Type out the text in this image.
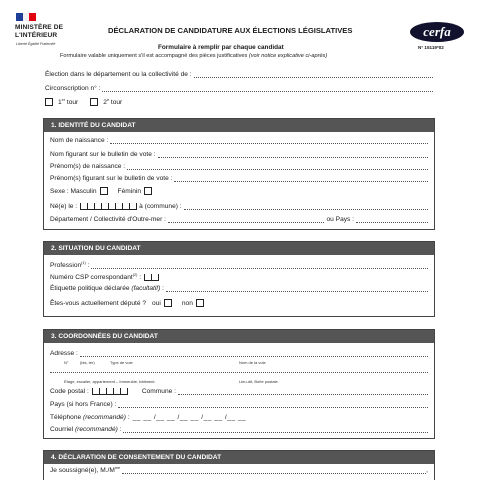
MINISTÈRE DE L'INTÉRIEUR
Liberté Égalité Fraternité
DÉCLARATION DE CANDIDATURE AUX ÉLECTIONS LÉGISLATIVES
Formulaire à remplir par chaque candidat
Formulaire valable uniquement s'il est accompagné des pièces justificatives (voir notice explicative ci-après)
cerfa
N° 15119*02
Élection dans le département ou la collectivité de :
Circonscription n° :
1er tour	2e tour
1. IDENTITÉ DU CANDIDAT
Nom de naissance :
Nom figurant sur le bulletin de vote :
Prénom(s) de naissance :
Prénom(s) figurant sur le bulletin de vote :
Sexe : Masculin	Féminin
Né(e) le :	à (commune) :
Département / Collectivité d'Outre-mer :	ou Pays :
2. SITUATION DU CANDIDAT
Profession$^{(1)}$ :
Numéro CSP correspondant$^{(2)}$ :
Étiquette politique déclarée (facultatif) :
Êtes-vous actuellement député ? oui	non
3. COORDONNÉES DU CANDIDAT
Adresse :
N°	(bis, ter)	Type de voie	Nom de la voie
Étage, escalier, appartement – Immeuble, bâtiment.	Lieu-dit, Boîte postale
Code postal :	Commune :
Pays (si hors France) :
Téléphone (recommandé) : __ __ /__ __ /__ __ /__ __ /__ __
Courriel (recommandé) :
4. DÉCLARATION DE CONSENTEMENT DU CANDIDAT
Je soussigné(e), $M./M^{me}$	,
